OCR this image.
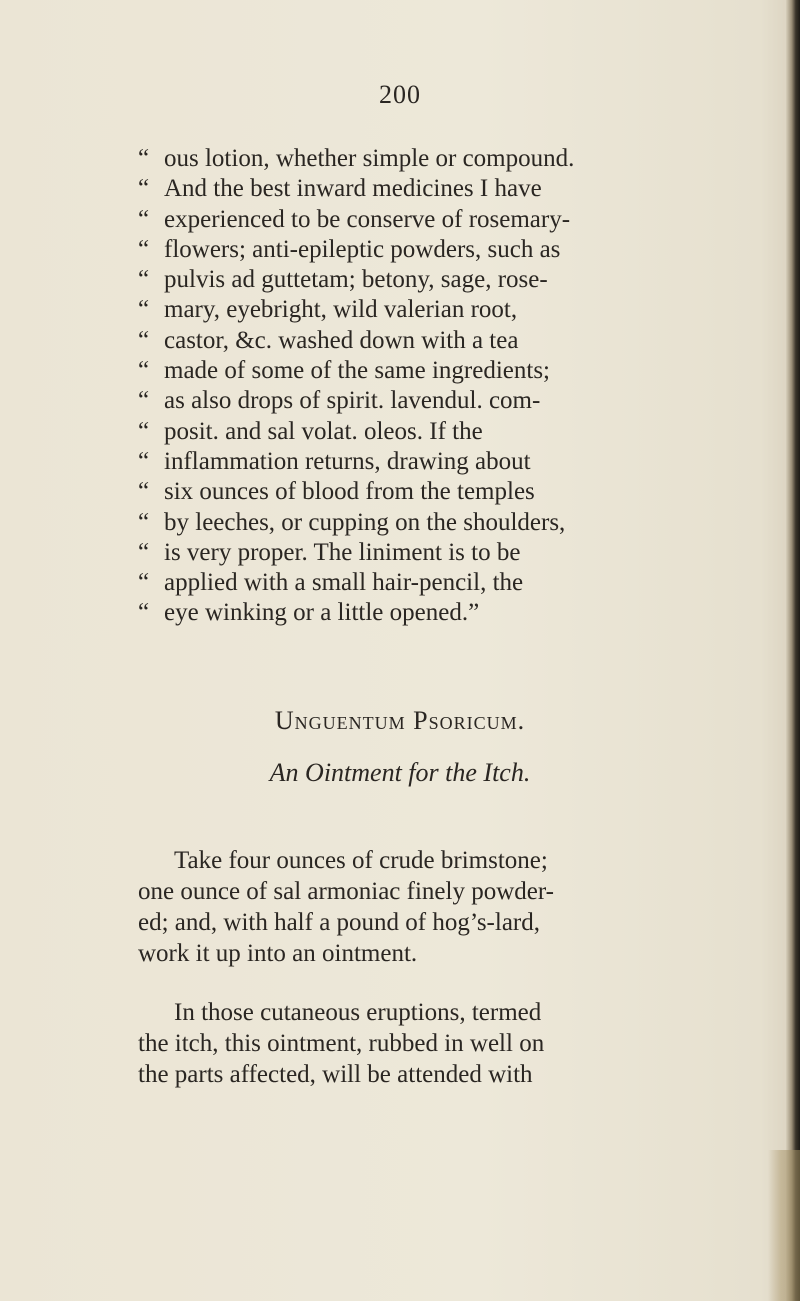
200
“ ous lotion, whether simple or compound.
“ And the best inward medicines I have
“ experienced to be conserve of rosemary-
“ flowers; anti-epileptic powders, such as
“ pulvis ad guttetam; betony, sage, rose-
“ mary, eyebright, wild valerian root,
“ castor, &c. washed down with a tea
“ made of some of the same ingredients;
“ as also drops of spirit. lavendul. com-
“ posit. and sal volat. oleos. If the
“ inflammation returns, drawing about
“ six ounces of blood from the temples
“ by leeches, or cupping on the shoulders,
“ is very proper. The liniment is to be
“ applied with a small hair-pencil, the
“ eye winking or a little opened.”
Unguentum Psoricum.
An Ointment for the Itch.
Take four ounces of crude brimstone;
one ounce of sal armoniac finely powder-
ed; and, with half a pound of hog’s-lard,
work it up into an ointment.
In those cutaneous eruptions, termed
the itch, this ointment, rubbed in well on
the parts affected, will be attended with
